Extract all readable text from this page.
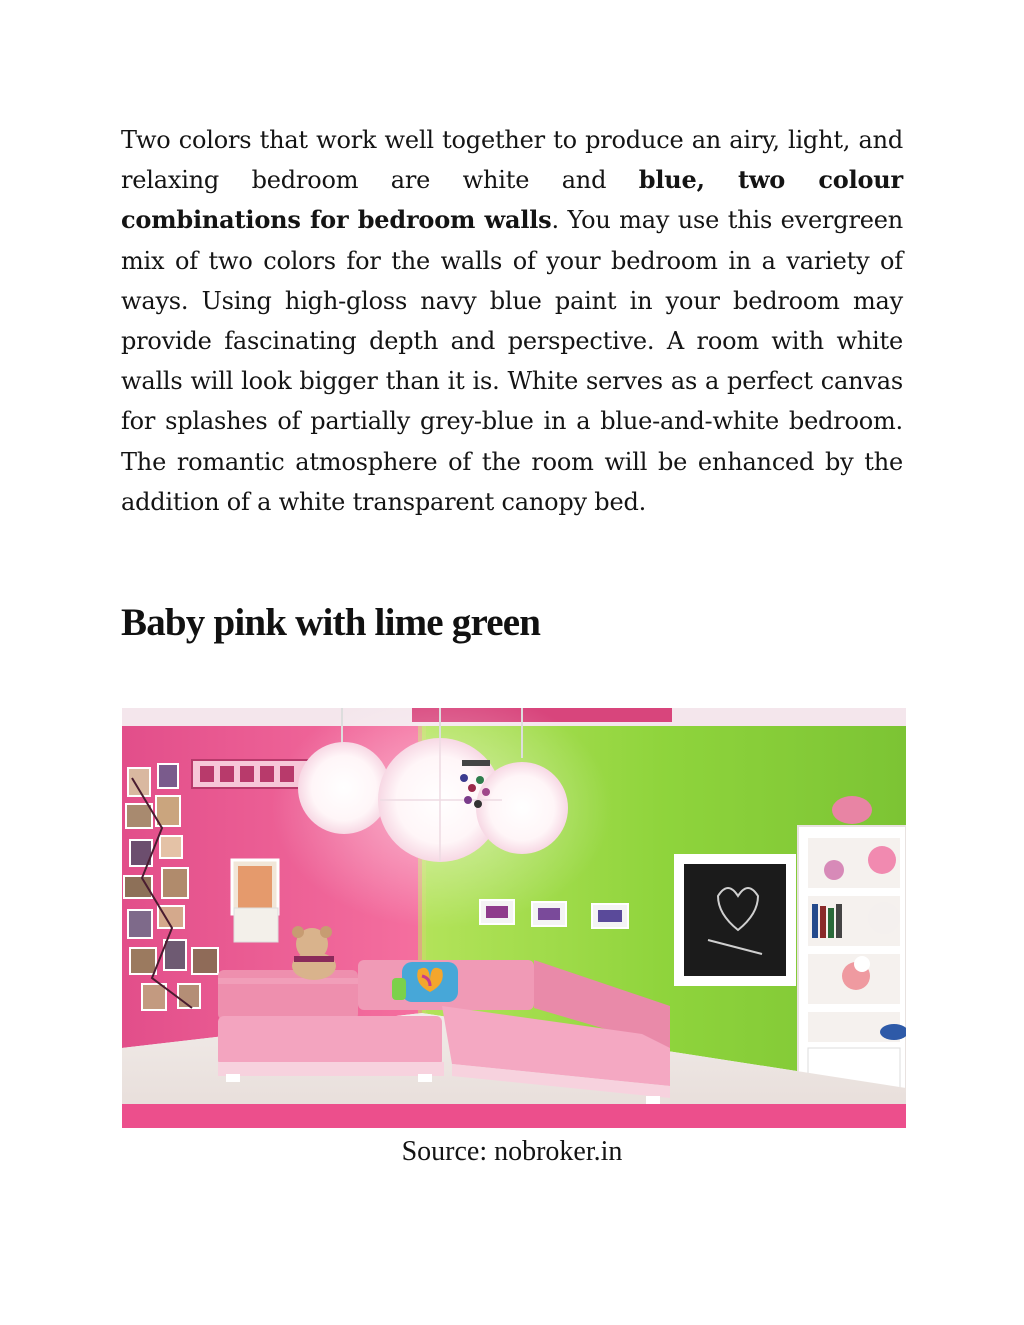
Two colors that work well together to produce an airy, light, and relaxing bedroom are white and blue, two colour combinations for bedroom walls. You may use this evergreen mix of two colors for the walls of your bedroom in a variety of ways. Using high-gloss navy blue paint in your bedroom may provide fascinating depth and perspective. A room with white walls will look bigger than it is. White serves as a perfect canvas for splashes of partially grey-blue in a blue-and-white bedroom. The romantic atmosphere of the room will be enhanced by the addition of a white transparent canopy bed.

Baby pink with lime green

Source: nobroker.in
